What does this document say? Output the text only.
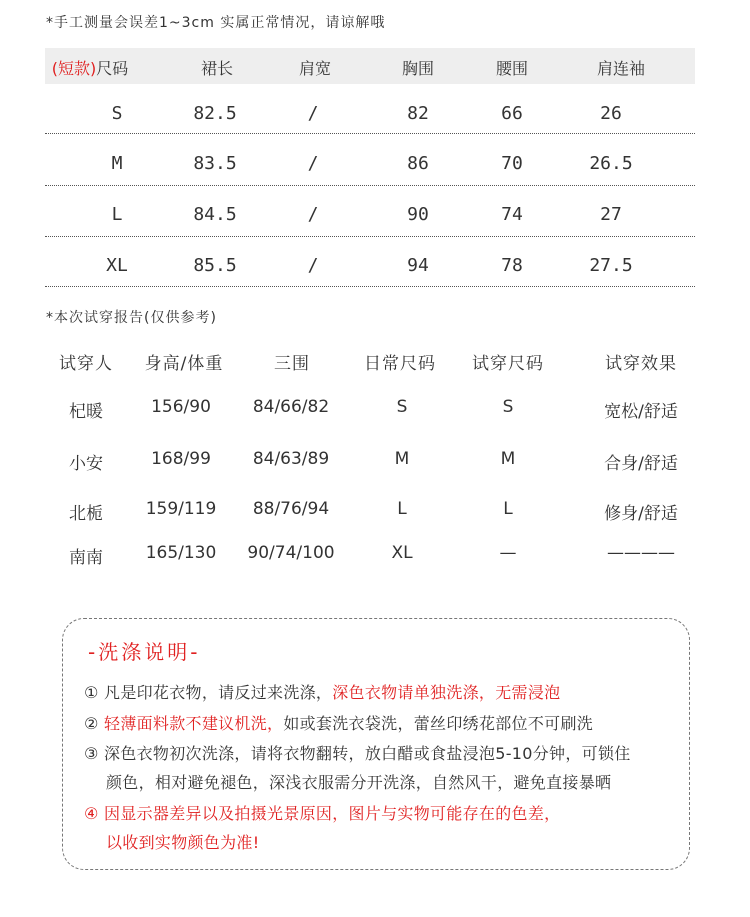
*手工测量会误差1~3cm 实属正常情况，请谅解哦
(短款)尺码	裙长	肩宽	胸围	腰围	肩连袖
S	82.5	/	82	66	26
M	83.5	/	86	70	26.5
L	84.5	/	90	74	27
XL	85.5	/	94	78	27.5
*本次试穿报告(仅供参考)
试穿人 身高/体重	三围	日常尺码 试穿尺码	试穿效果
杞暖	156/90 84/66/82	S	S	宽松/舒适
小安	168/99 84/63/89	M	M	合身/舒适
北栀	159/119 88/76/94	L	L	修身/舒适
南南	165/130 90/74/100	XL	—	————
-洗涤说明-
① 凡是印花衣物，请反过来洗涤，深色衣物请单独洗涤，无需浸泡
② 轻薄面料款不建议机洗，如或套洗衣袋洗，蕾丝印绣花部位不可刷洗
③ 深色衣物初次洗涤，请将衣物翻转，放白醋或食盐浸泡5-10分钟，可锁住
颜色，相对避免褪色，深浅衣服需分开洗涤，自然风干，避免直接暴晒
④ 因显示器差异以及拍摄光景原因，图片与实物可能存在的色差，
以收到实物颜色为准!
